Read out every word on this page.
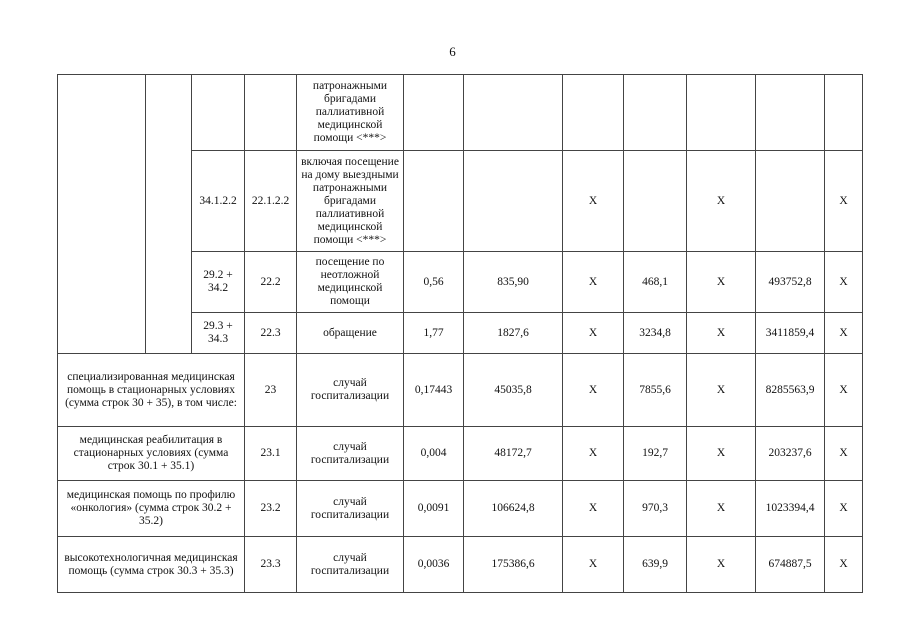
6
				патронажными бригадами паллиативной медицинской помощи <***>							
		34.1.2.2	22.1.2.2	включая посещение на дому выездными патронажными бригадами паллиативной медицинской помощи <***>			X		X		X
		29.2 + 34.2	22.2	посещение по неотложной медицинской помощи	0,56	835,90	X	468,1	X	493752,8	X
		29.3 + 34.3	22.3	обращение	1,77	1827,6	X	3234,8	X	3411859,4	X
специализированная медицинская помощь в стационарных условиях (сумма строк 30 + 35), в том числе:			23	случай госпитализации	0,17443	45035,8	X	7855,6	X	8285563,9	X
медицинская реабилитация в стационарных условиях (сумма строк 30.1 + 35.1)			23.1	случай госпитализации	0,004	48172,7	X	192,7	X	203237,6	X
медицинская помощь по профилю «онкология» (сумма строк 30.2 + 35.2)			23.2	случай госпитализации	0,0091	106624,8	X	970,3	X	1023394,4	X
высокотехнологичная медицинская помощь (сумма строк 30.3 + 35.3)			23.3	случай госпитализации	0,0036	175386,6	X	639,9	X	674887,5	X
